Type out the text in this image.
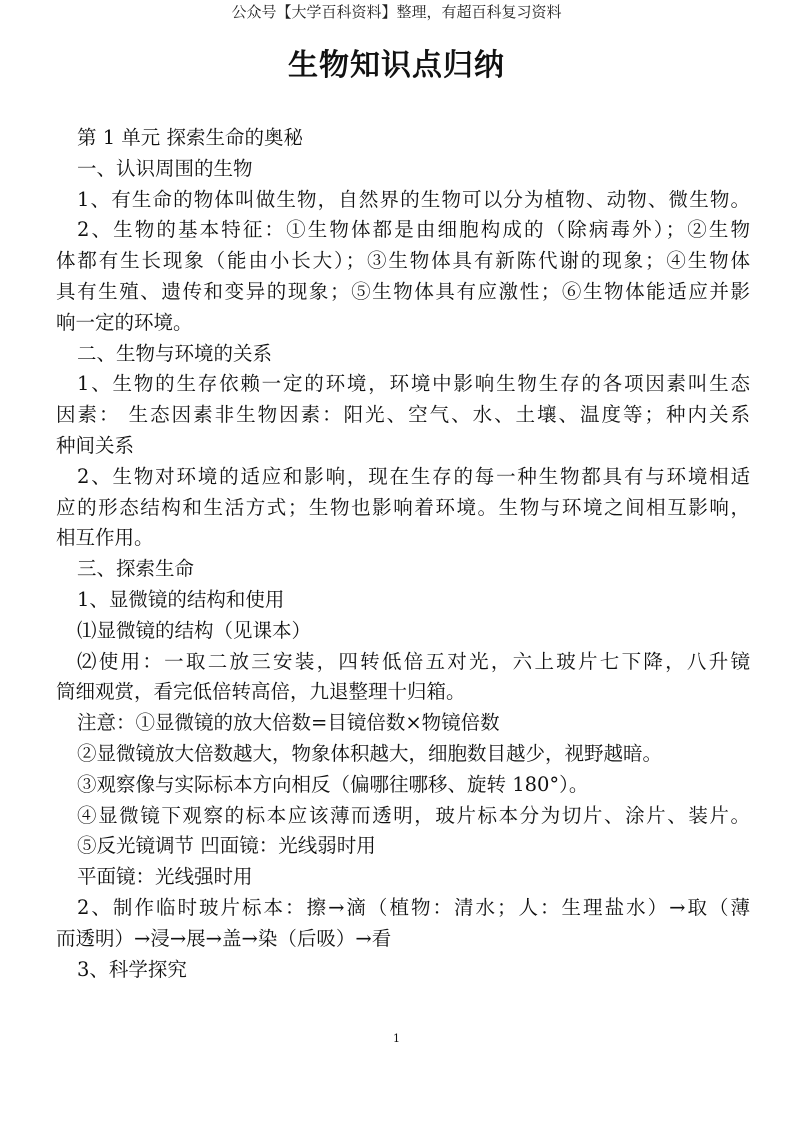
公众号【大学百科资料】整理，有超百科复习资料
生物知识点归纳
第 1 单元 探索生命的奥秘
一、认识周围的生物
1、有生命的物体叫做生物，自然界的生物可以分为植物、动物、微生物。
2、生物的基本特征：①生物体都是由细胞构成的（除病毒外）；②生物
体都有生长现象（能由小长大）；③生物体具有新陈代谢的现象；④生物体
具有生殖、遗传和变异的现象；⑤生物体具有应激性；⑥生物体能适应并影
响一定的环境。
二、生物与环境的关系
1、生物的生存依赖一定的环境，环境中影响生物生存的各项因素叫生态
因素： 生态因素非生物因素：阳光、空气、水、土壤、温度等；种内关系
种间关系
2、生物对环境的适应和影响，现在生存的每一种生物都具有与环境相适
应的形态结构和生活方式；生物也影响着环境。生物与环境之间相互影响，
相互作用。
三、探索生命
1、显微镜的结构和使用
⑴显微镜的结构（见课本）
⑵使用：一取二放三安装，四转低倍五对光，六上玻片七下降，八升镜
筒细观赏，看完低倍转高倍，九退整理十归箱。
注意：①显微镜的放大倍数=目镜倍数×物镜倍数
②显微镜放大倍数越大，物象体积越大，细胞数目越少，视野越暗。
③观察像与实际标本方向相反（偏哪往哪移、旋转 180°）。
④显微镜下观察的标本应该薄而透明，玻片标本分为切片、涂片、装片。
⑤反光镜调节 凹面镜：光线弱时用
平面镜：光线强时用
2、制作临时玻片标本：擦→滴（植物：清水；人：生理盐水）→取（薄
而透明）→浸→展→盖→染（后吸）→看
3、科学探究
1
